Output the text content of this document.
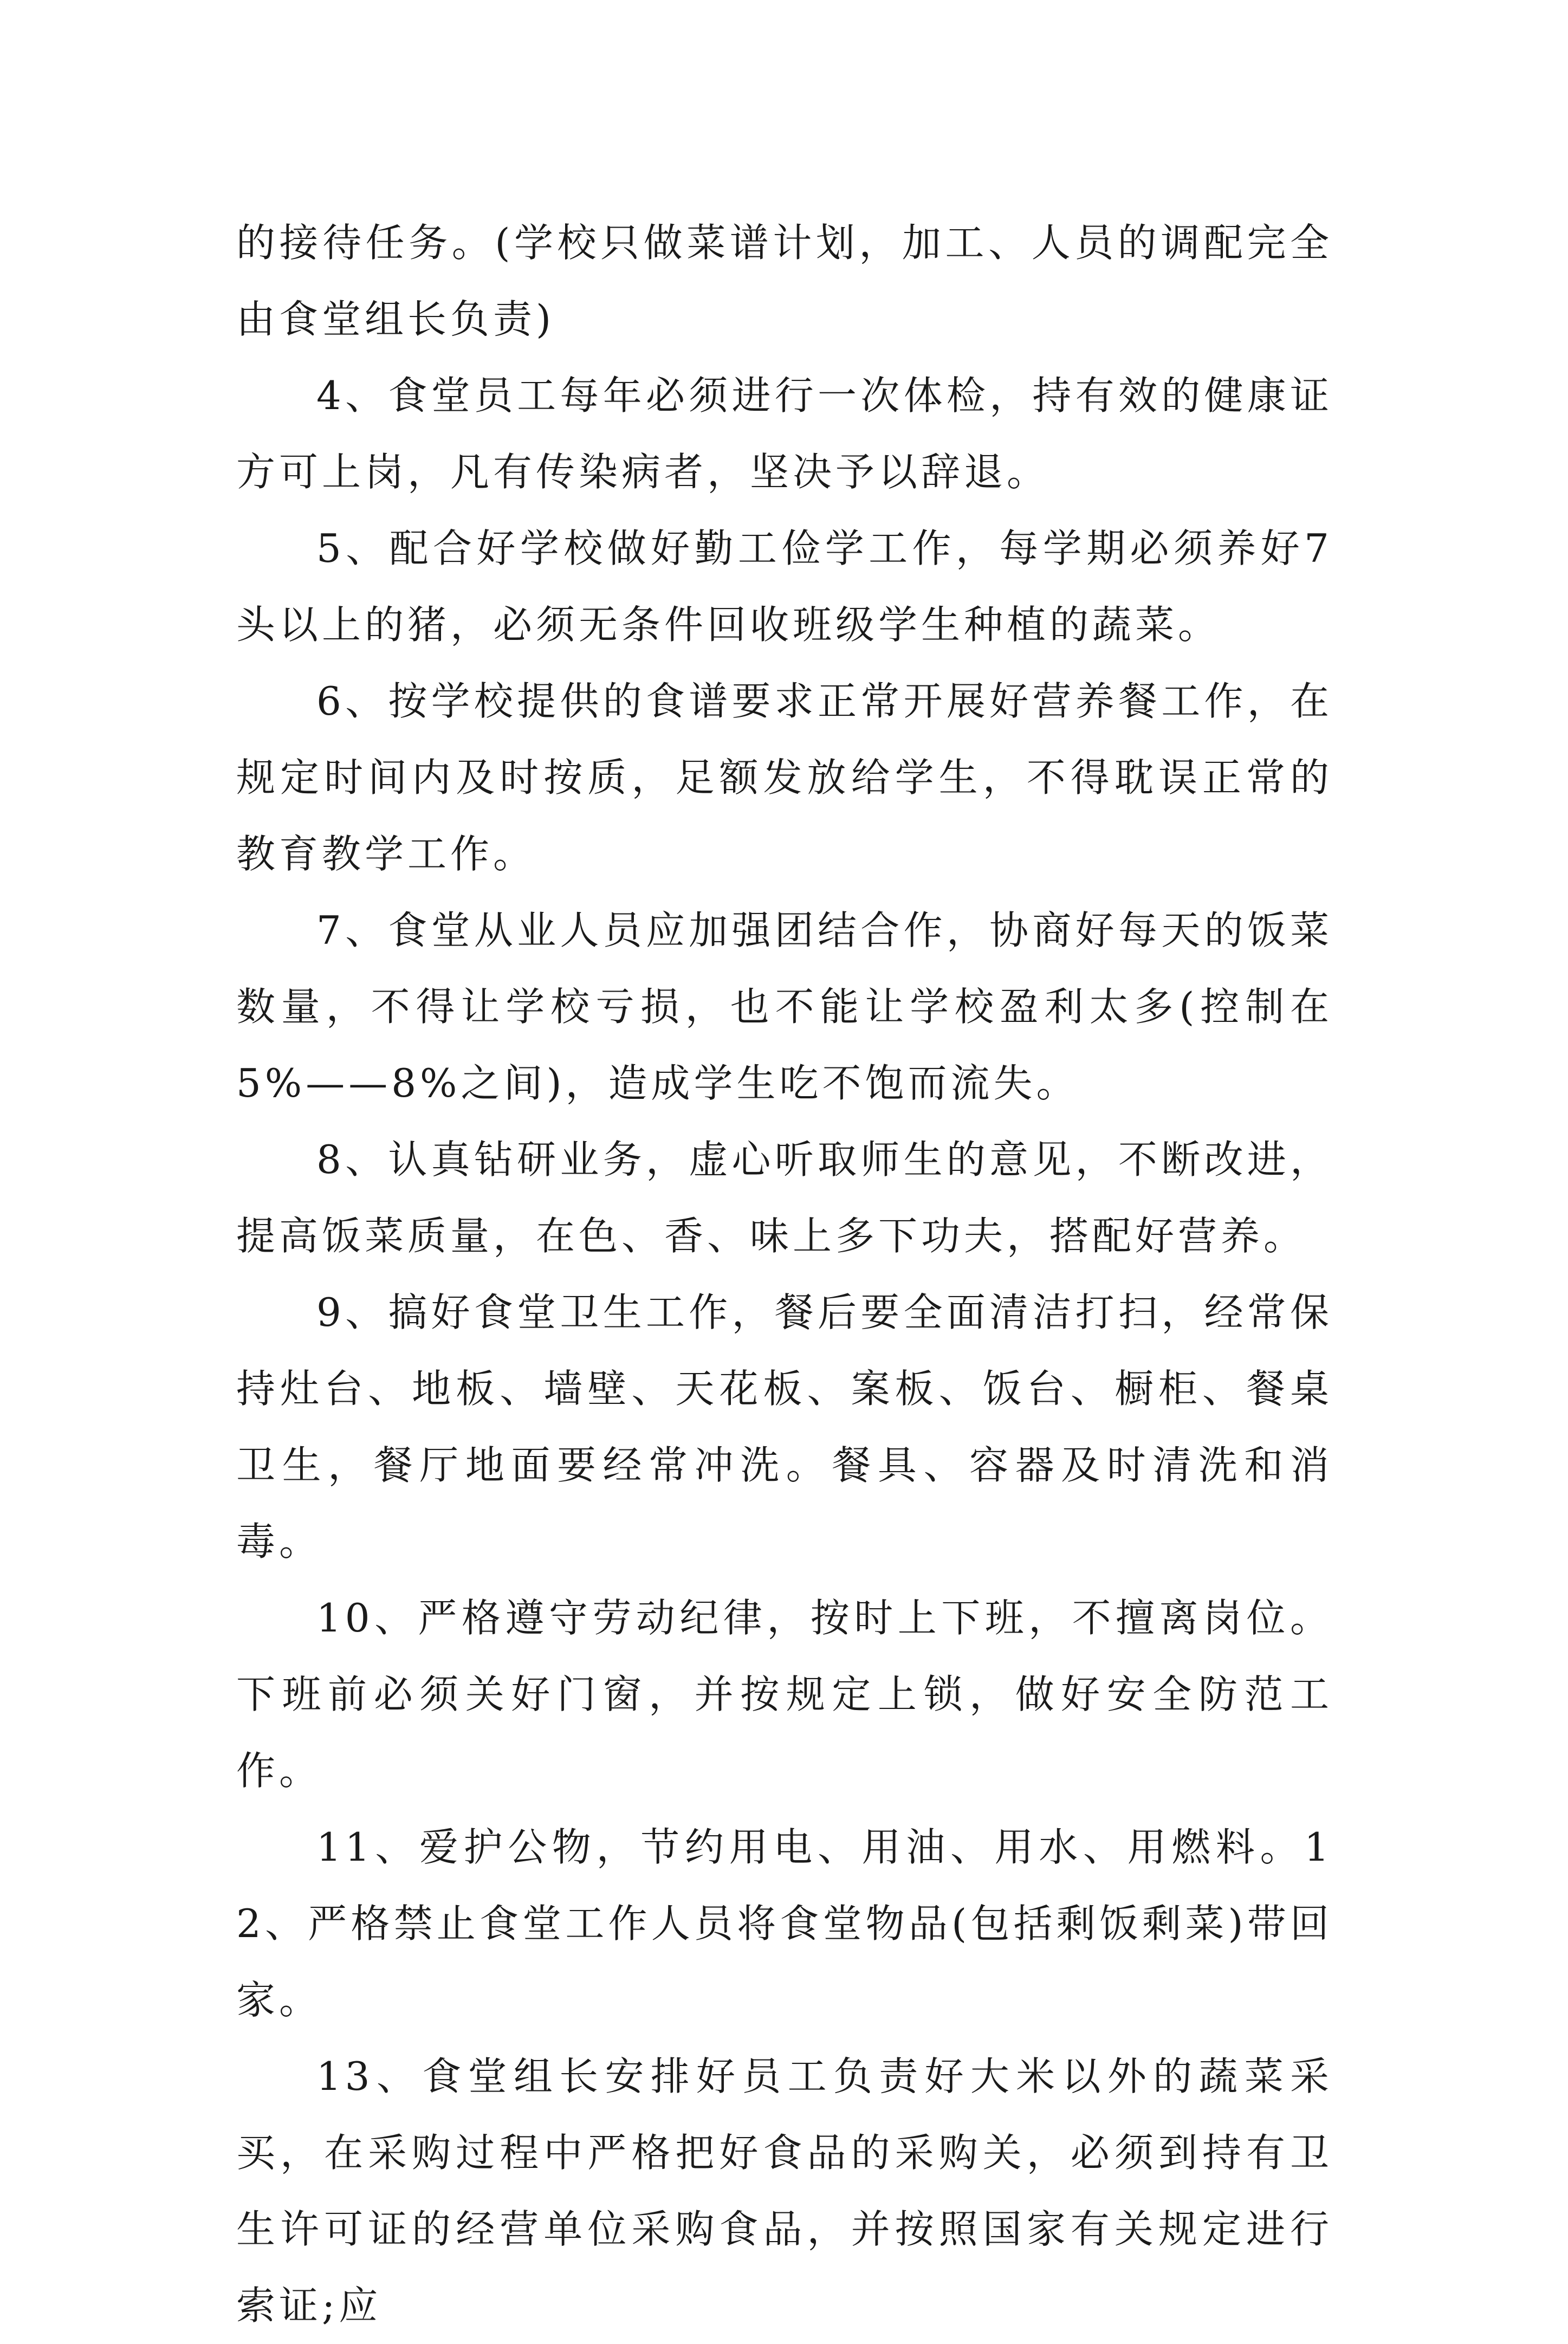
的接待任务。(学校只做菜谱计划，加工、人员的调配完全由食堂组长负责)

4、食堂员工每年必须进行一次体检，持有效的健康证方可上岗，凡有传染病者，坚决予以辞退。

5、配合好学校做好勤工俭学工作，每学期必须养好7头以上的猪，必须无条件回收班级学生种植的蔬菜。

6、按学校提供的食谱要求正常开展好营养餐工作，在规定时间内及时按质，足额发放给学生，不得耽误正常的教育教学工作。

7、食堂从业人员应加强团结合作，协商好每天的饭菜数量，不得让学校亏损，也不能让学校盈利太多(控制在5%——8%之间)，造成学生吃不饱而流失。

8、认真钻研业务，虚心听取师生的意见，不断改进，提高饭菜质量，在色、香、味上多下功夫，搭配好营养。

9、搞好食堂卫生工作，餐后要全面清洁打扫，经常保持灶台、地板、墙壁、天花板、案板、饭台、橱柜、餐桌卫生，餐厅地面要经常冲洗。餐具、容器及时清洗和消毒。

10、严格遵守劳动纪律，按时上下班，不擅离岗位。下班前必须关好门窗，并按规定上锁，做好安全防范工作。

11、爱护公物，节约用电、用油、用水、用燃料。12、严格禁止食堂工作人员将食堂物品(包括剩饭剩菜)带回家。

13、食堂组长安排好员工负责好大米以外的蔬菜采买，在采购过程中严格把好食品的采购关，必须到持有卫生许可证的经营单位采购食品，并按照国家有关规定进行索证;应
